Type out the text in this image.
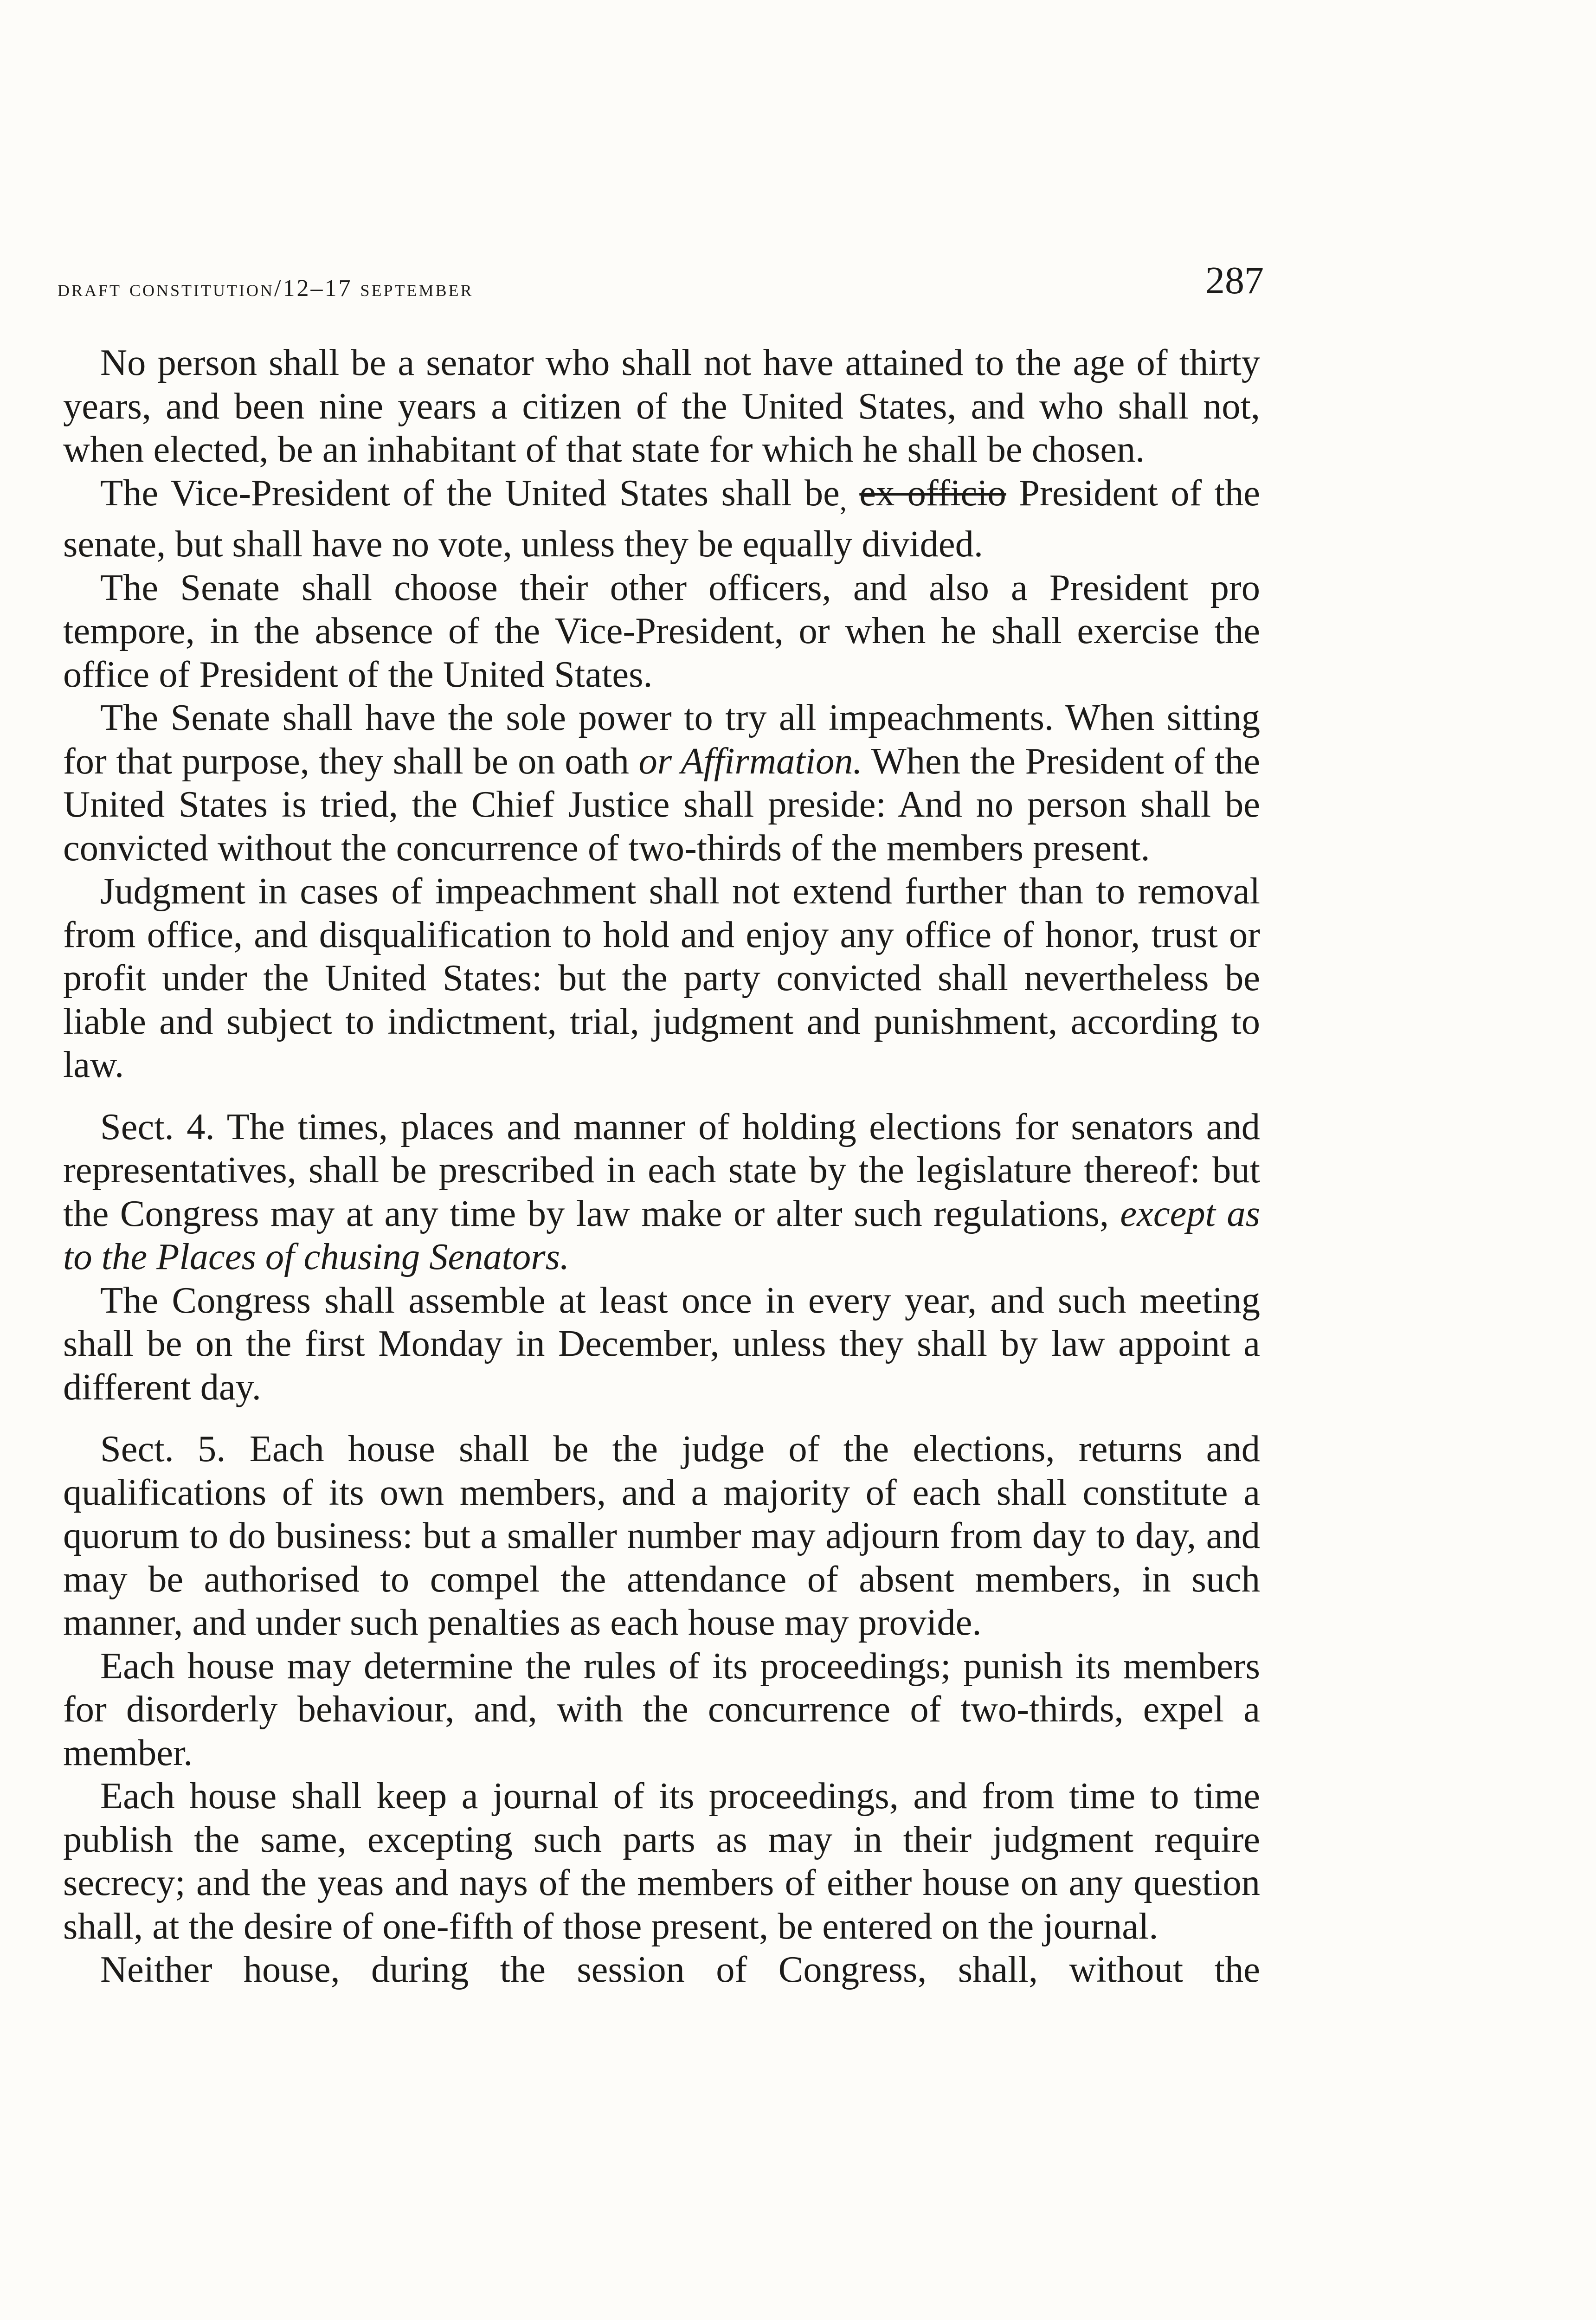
draft constitution/12–17 september	287

No person shall be a senator who shall not have attained to the age of thirty years, and been nine years a citizen of the United States, and who shall not, when elected, be an inhabitant of that state for which he shall be chosen.

The Vice-President of the United States shall be, ex officio President of the senate, but shall have no vote, unless they be equally divided.

The Senate shall choose their other officers, and also a President pro tempore, in the absence of the Vice-President, or when he shall exercise the office of President of the United States.

The Senate shall have the sole power to try all impeachments. When sitting for that purpose, they shall be on oath or Affirmation. When the President of the United States is tried, the Chief Justice shall preside: And no person shall be convicted without the concurrence of two-thirds of the members present.

Judgment in cases of impeachment shall not extend further than to removal from office, and disqualification to hold and enjoy any office of honor, trust or profit under the United States: but the party convicted shall nevertheless be liable and subject to indictment, trial, judgment and punishment, according to law.

Sect. 4. The times, places and manner of holding elections for senators and representatives, shall be prescribed in each state by the legislature thereof: but the Congress may at any time by law make or alter such regulations, except as to the Places of chusing Senators.

The Congress shall assemble at least once in every year, and such meeting shall be on the first Monday in December, unless they shall by law appoint a different day.

Sect. 5. Each house shall be the judge of the elections, returns and qualifications of its own members, and a majority of each shall constitute a quorum to do business: but a smaller number may adjourn from day to day, and may be authorised to compel the attendance of absent members, in such manner, and under such penalties as each house may provide.

Each house may determine the rules of its proceedings; punish its members for disorderly behaviour, and, with the concurrence of two-thirds, expel a member.

Each house shall keep a journal of its proceedings, and from time to time publish the same, excepting such parts as may in their judgment require secrecy; and the yeas and nays of the members of either house on any question shall, at the desire of one-fifth of those present, be entered on the journal.

Neither house, during the session of Congress, shall, without the
